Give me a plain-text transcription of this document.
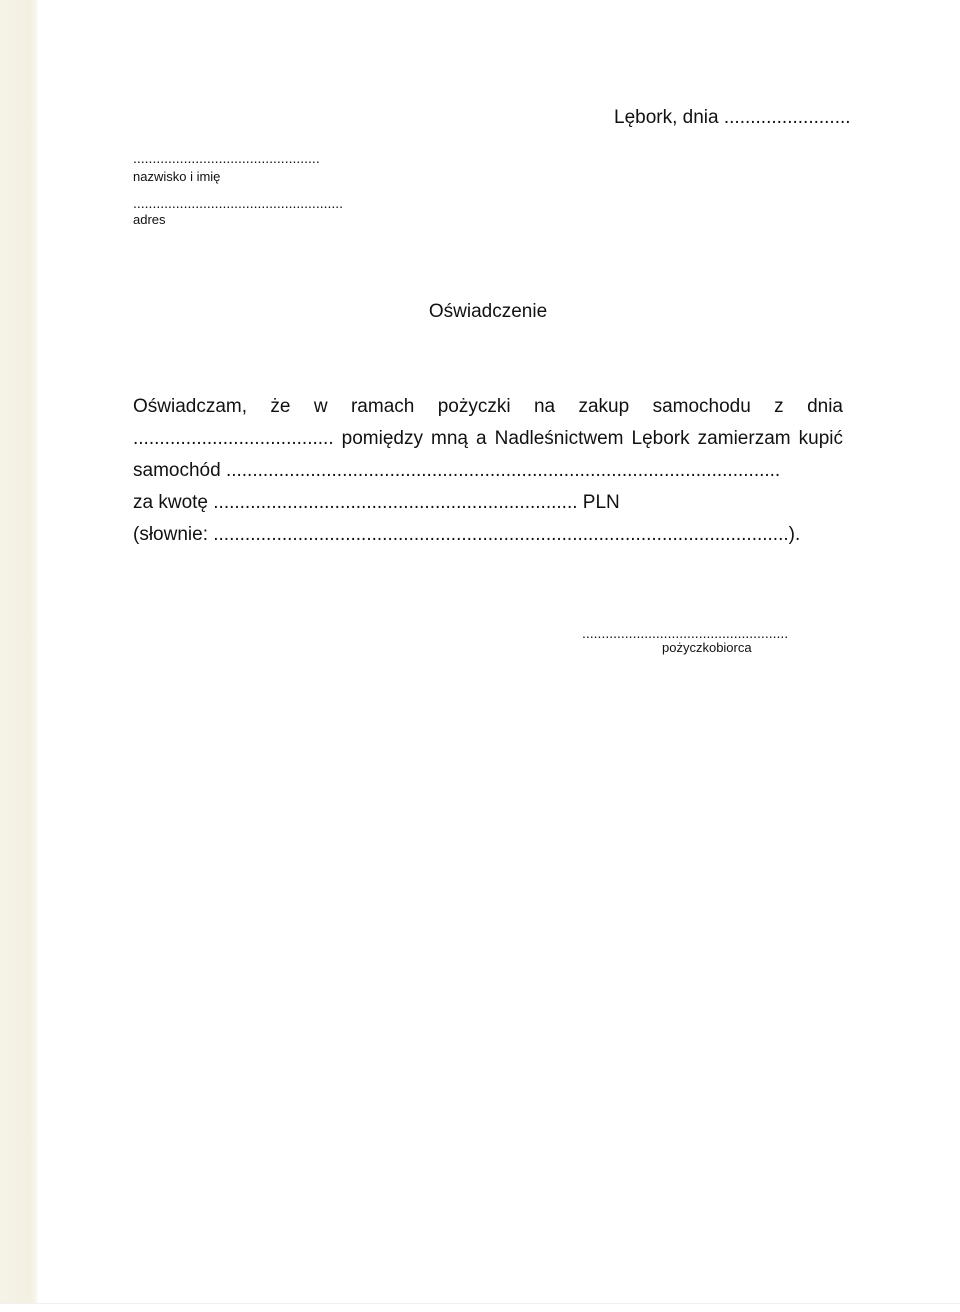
Lębork, dnia ........................

................................................

nazwisko i imię

......................................................

adres

Oświadczenie
Oświadczam, że w ramach pożyczki na zakup samochodu z dnia
...................................... pomiędzy mną a Nadleśnictwem Lębork zamierzam kupić
samochód .........................................................................................................
za kwotę ..................................................................... PLN
(słownie: .............................................................................................................).

.....................................................

pożyczkobiorca
